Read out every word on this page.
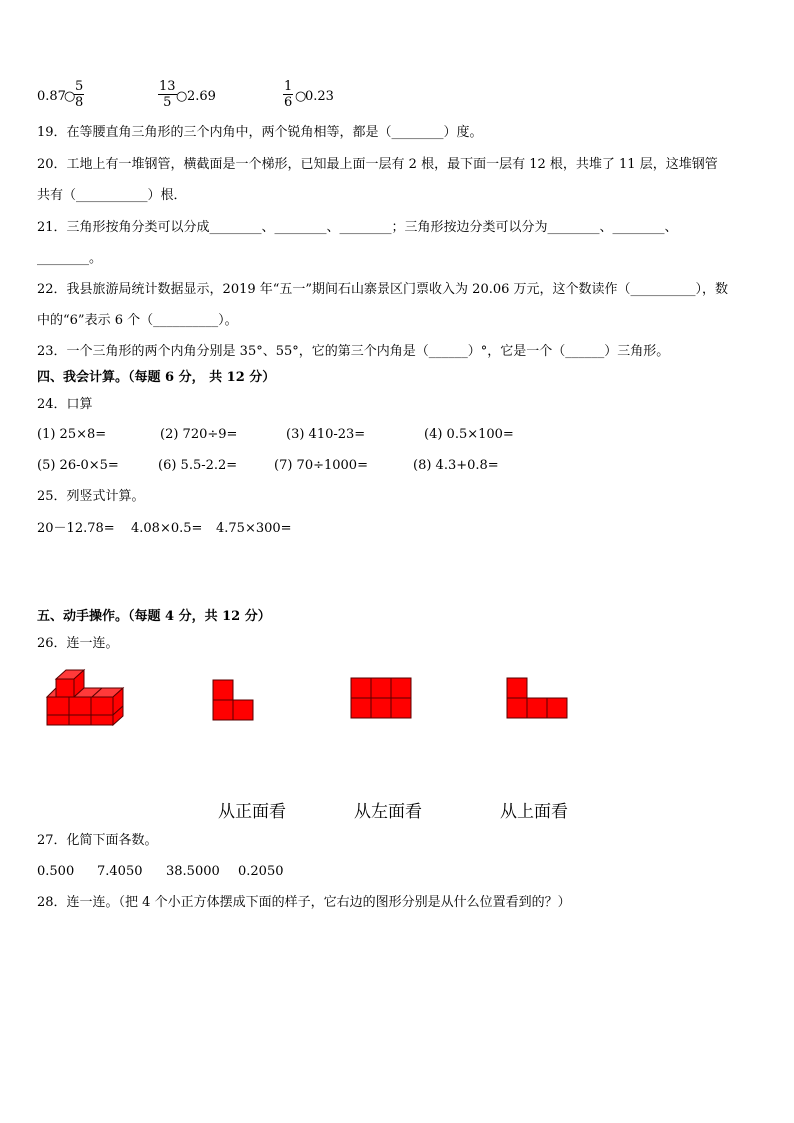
0.87
○
$\frac{5}{8}$	$\frac{13}{5}$ ○ 2.69	$\frac{1}{6}$ ○
0.23
19．在等腰直角三角形的三个内角中，两个锐角相等，都是（________）度。
20．工地上有一堆钢管，横截面是一个梯形，已知最上面一层有 2 根，最下面一层有 12 根，共堆了 11 层，这堆钢管
共有（___________）根．
21．三角形按角分类可以分成________、________、________；三角形按边分类可以分为________、________、
________。
22．我县旅游局统计数据显示，2019 年“五一”期间石山寨景区门票收入为 20.06 万元，这个数读作（__________），数
中的“6”表示 6 个（__________）。
23．一个三角形的两个内角分别是 35°、55°，它的第三个内角是（______）°，它是一个（______）三角形。
四、我会计算。（每题 6 分， 共 12 分）
24．口算
(1) 25×8=	(2) 720÷9=	(3) 410-23=	(4) 0.5×100=
(5) 26-0×5=	(6) 5.5-2.2=	(7) 70÷1000=	(8) 4.3+0.8=
25．列竖式计算。
20－12.78= 4.08×0.5= 4.75×300=
五、动手操作。（每题 4 分，共 12 分）
26．连一连。
从正面看	从左面看	从上面看
27．化简下面各数。
0.500 7.4050 38.5000 0.2050
28．连一连。（把 4 个小正方体摆成下面的样子，它右边的图形分别是从什么位置看到的？）
